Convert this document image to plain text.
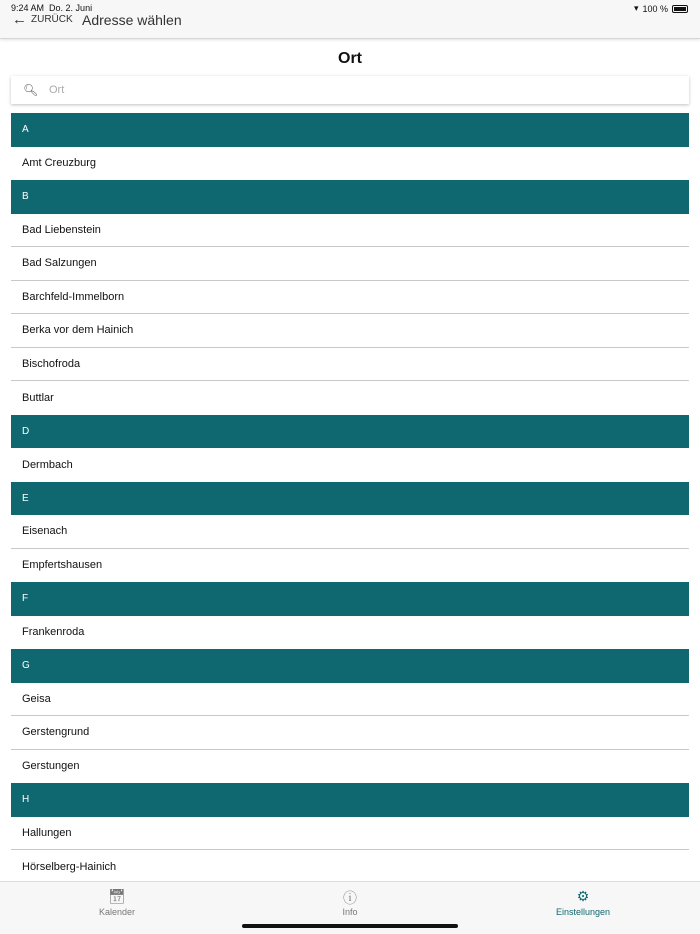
9:24 AM Do. 2. Juni	▾ 100 %
← ZURÜCK Adresse wählen
Ort
🔍︎
Ort
A
Amt Creuzburg
B
Bad Liebenstein
Bad Salzungen
Barchfeld-Immelborn
Berka vor dem Hainich
Bischofroda
Buttlar
D
Dermbach
E
Eisenach
Empfertshausen
F
Frankenroda
G
Geisa
Gerstengrund
Gerstungen
H
Hallungen
Hörselberg-Hainich
📅︎
Kalender
ⓘ
Info
⚙
Einstellungen
